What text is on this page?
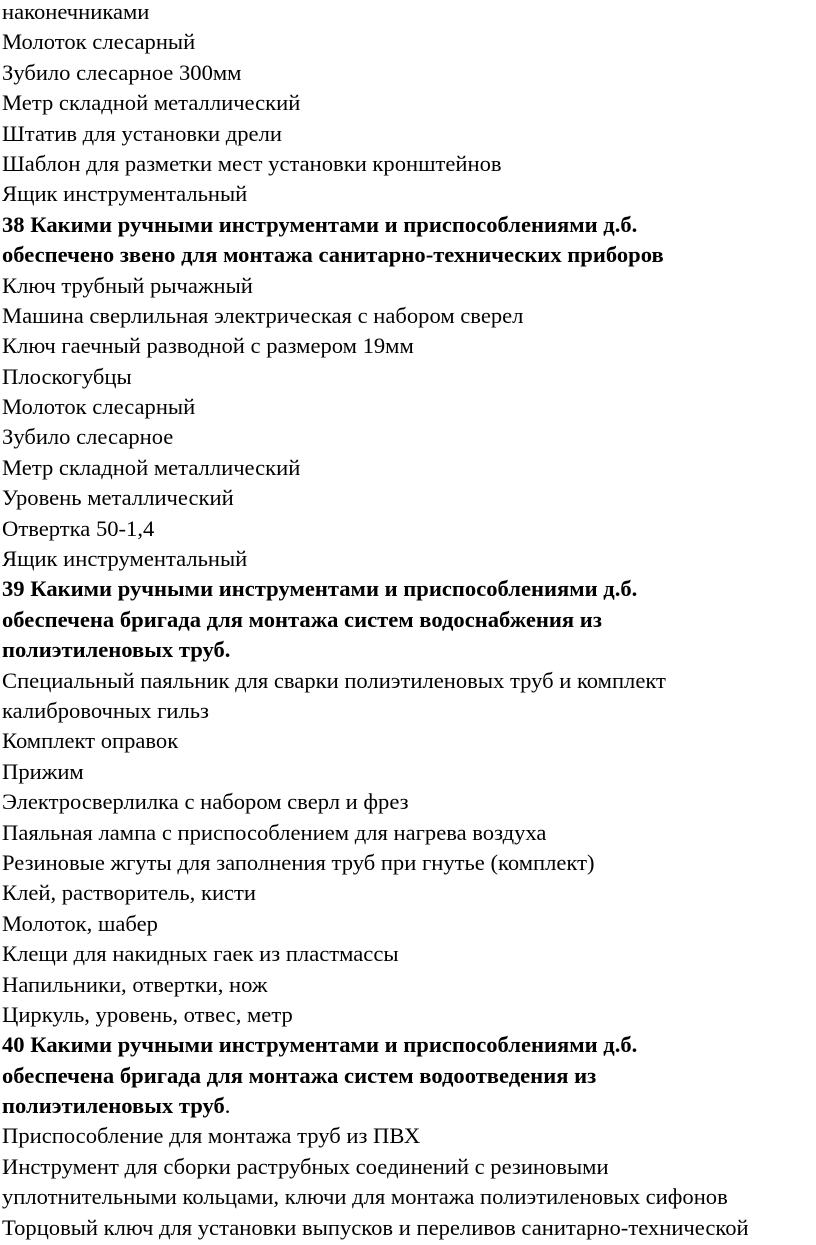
наконечниками
Молоток слесарный
Зубило слесарное 300мм
Метр складной металлический
Штатив для установки дрели
Шаблон для разметки мест установки кронштейнов
Ящик инструментальный
38 Какими ручными инструментами и приспособлениями д.б.
обеспечено звено для монтажа санитарно-технических приборов
Ключ трубный рычажный
Машина сверлильная электрическая с набором сверел
Ключ гаечный разводной с размером 19мм
Плоскогубцы
Молоток слесарный
Зубило слесарное
Метр складной металлический
Уровень металлический
Отвертка 50-1,4
Ящик инструментальный
39 Какими ручными инструментами и приспособлениями д.б.
обеспечена бригада для монтажа систем водоснабжения из
полиэтиленовых труб.
Специальный паяльник для сварки полиэтиленовых труб и комплект
калибровочных гильз
Комплект оправок
Прижим
Электросверлилка с набором сверл и фрез
Паяльная лампа с приспособлением для нагрева воздуха
Резиновые жгуты для заполнения труб при гнутье (комплект)
Клей, растворитель, кисти
Молоток, шабер
Клещи для накидных гаек из пластмассы
Напильники, отвертки, нож
Циркуль, уровень, отвес, метр
40 Какими ручными инструментами и приспособлениями д.б.
обеспечена бригада для монтажа систем водоотведения из
полиэтиленовых труб.
Приспособление для монтажа труб из ПВХ
Инструмент для сборки раструбных соединений с резиновыми
уплотнительными кольцами, ключи для монтажа полиэтиленовых сифонов
Торцовый ключ для установки выпусков и переливов санитарно-технической
